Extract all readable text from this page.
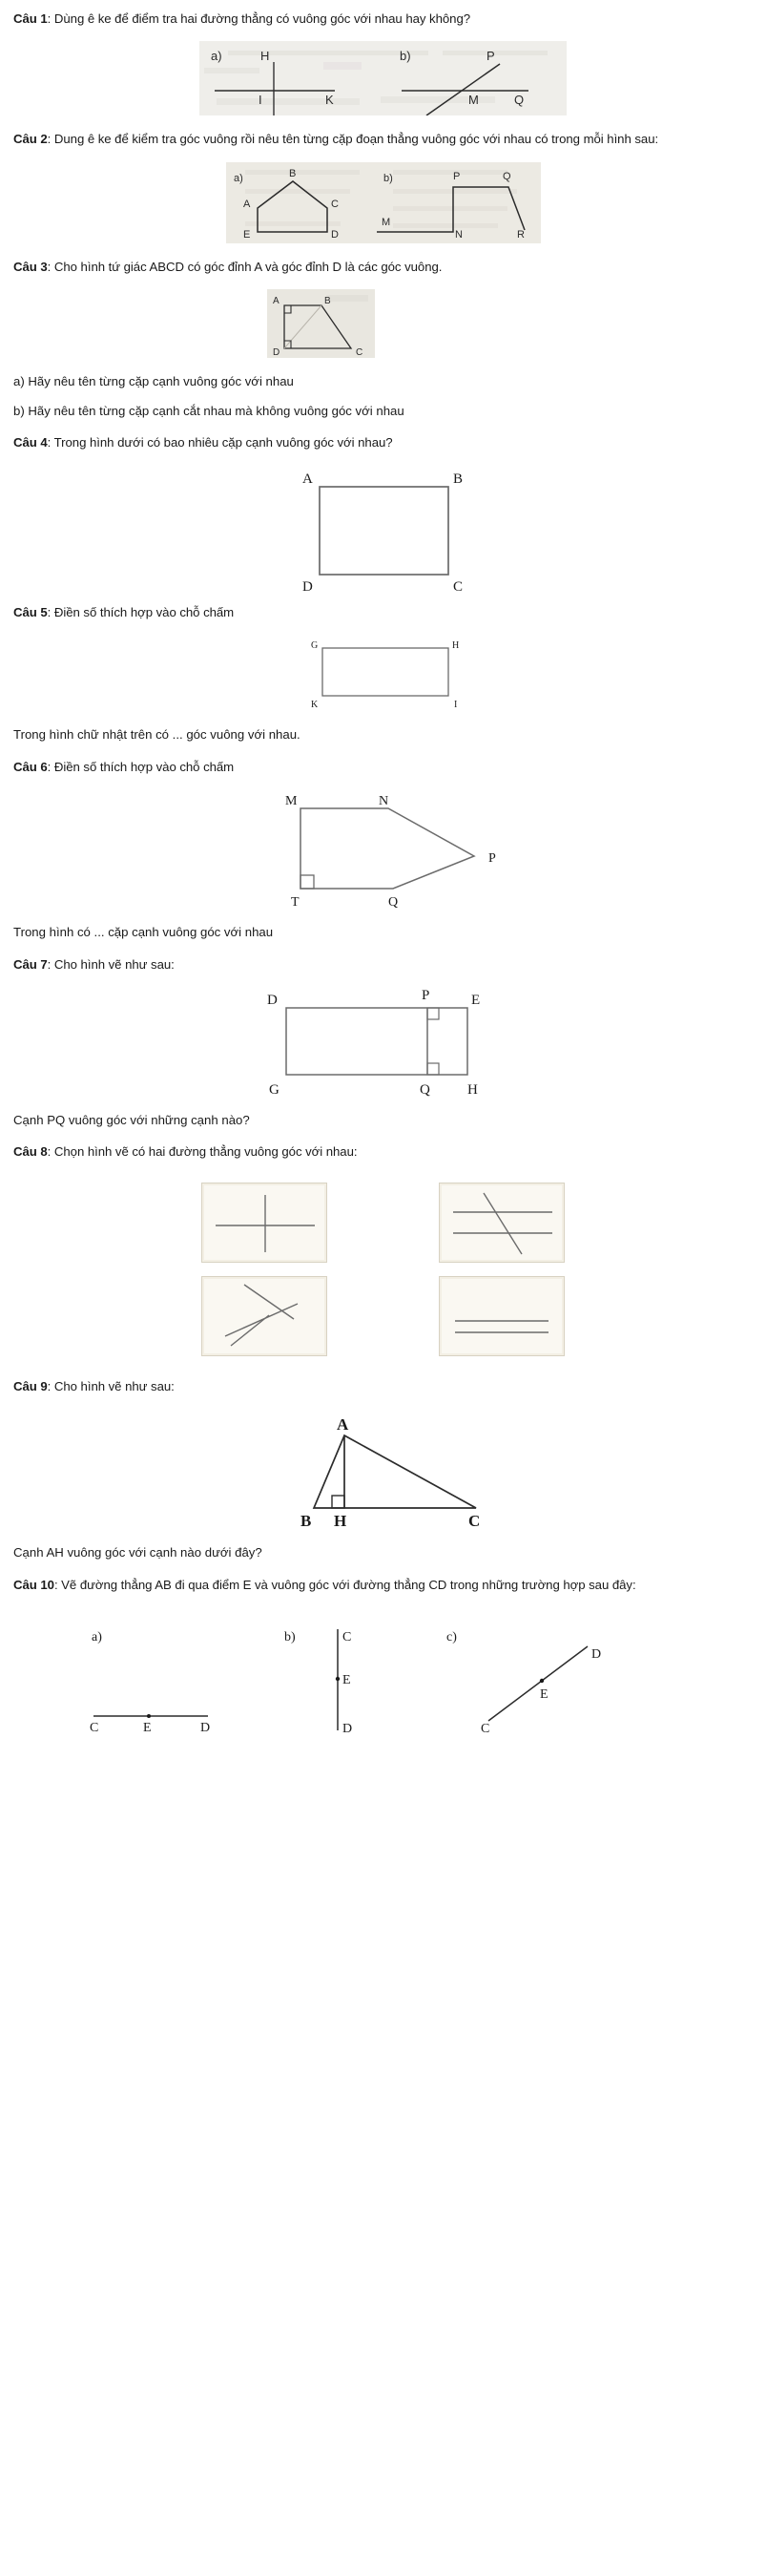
Câu 1: Dùng ê ke để điểm tra hai đường thẳng có vuông góc với nhau hay không?

a)	H
I	K
b)	P
M	Q

Câu 2: Dung ê ke để kiểm tra góc vuông rồi nêu tên từng cặp đoạn thẳng vuông góc với nhau có trong mỗi hình sau:

a)	B
A	C
E	D
b)	P	Q
M
N	R

Câu 3: Cho hình tứ giác ABCD có góc đỉnh A và góc đỉnh D là các góc vuông.

A	B
D	C

a) Hãy nêu tên từng cặp cạnh vuông góc với nhau

b) Hãy nêu tên từng cặp cạnh cắt nhau mà không vuông góc với nhau

Câu 4: Trong hình dưới có bao nhiêu cặp cạnh vuông góc với nhau?

A	B
D	C

Câu 5: Điền số thích hợp vào chỗ chấm

G	H
K	I

Trong hình chữ nhật trên có ... góc vuông với nhau.

Câu 6: Điền số thích hợp vào chỗ chấm

M	N
P
T	Q

Trong hình có ... cặp cạnh vuông góc với nhau

Câu 7: Cho hình vẽ như sau:

D	P	E
G	Q	H

Cạnh PQ vuông góc với những cạnh nào?

Câu 8: Chọn hình vẽ có hai đường thẳng vuông góc với nhau:

Câu 9: Cho hình vẽ như sau:

A
B H	C

Cạnh AH vuông góc với cạnh nào dưới đây?

Câu 10: Vẽ đường thẳng AB đi qua điểm E và vuông góc với đường thẳng CD trong những trường hợp sau đây:

a)
C	E	D
b)	C
E
D
c)
D
E
C
